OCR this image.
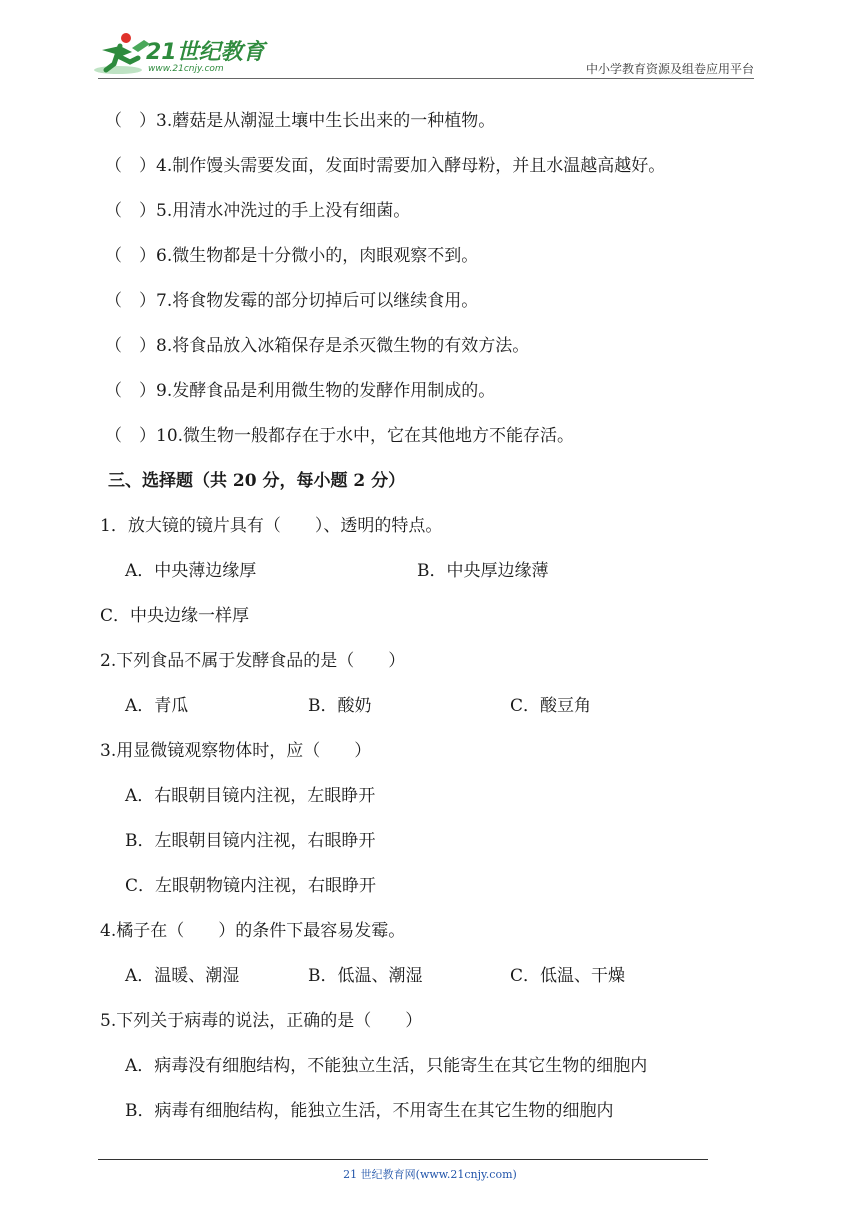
21世纪教育
www.21cnjy.com	中小学教育资源及组卷应用平台
（　）3.蘑菇是从潮湿土壤中生长出来的一种植物。
（　）4.制作馒头需要发面，发面时需要加入酵母粉，并且水温越高越好。
（　）5.用清水冲洗过的手上没有细菌。
（　）6.微生物都是十分微小的，肉眼观察不到。
（　）7.将食物发霉的部分切掉后可以继续食用。
（　）8.将食品放入冰箱保存是杀灭微生物的有效方法。
（　）9.发酵食品是利用微生物的发酵作用制成的。
（　）10.微生物一般都存在于水中，它在其他地方不能存活。
三、选择题（共 20 分，每小题 2 分）
1．放大镜的镜片具有（　　）、透明的特点。
A．中央薄边缘厚	B．中央厚边缘薄
C．中央边缘一样厚
2.下列食品不属于发酵食品的是（　　）
A．青瓜	B．酸奶	C．酸豆角
3.用显微镜观察物体时，应（　　）
A．右眼朝目镜内注视，左眼睁开
B．左眼朝目镜内注视，右眼睁开
C．左眼朝物镜内注视，右眼睁开
4.橘子在（　　）的条件下最容易发霉。
A．温暖、潮湿	B．低温、潮湿	C．低温、干燥
5.下列关于病毒的说法，正确的是（　　）
A．病毒没有细胞结构，不能独立生活，只能寄生在其它生物的细胞内
B．病毒有细胞结构，能独立生活，不用寄生在其它生物的细胞内
21 世纪教育网(www.21cnjy.com)
